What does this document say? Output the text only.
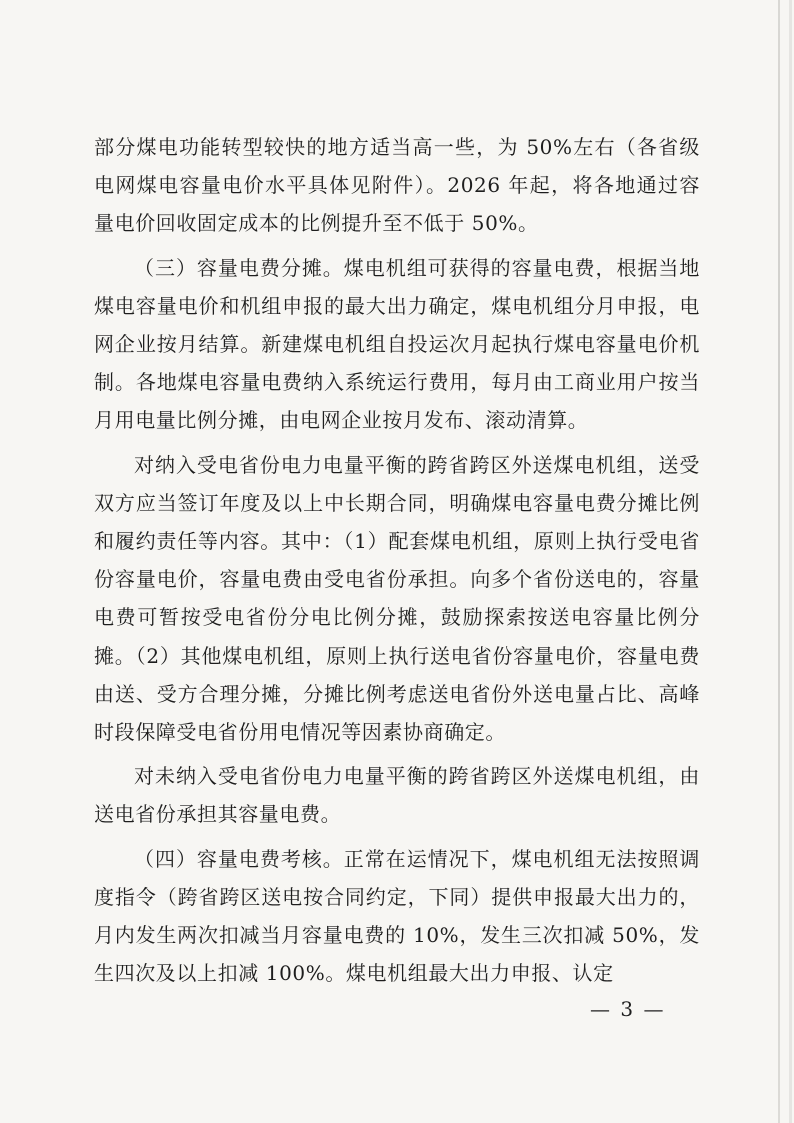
部分煤电功能转型较快的地方适当高一些，为 50%左右（各省级电网煤电容量电价水平具体见附件）。2026 年起，将各地通过容量电价回收固定成本的比例提升至不低于 50%。

（三）容量电费分摊。煤电机组可获得的容量电费，根据当地煤电容量电价和机组申报的最大出力确定，煤电机组分月申报，电网企业按月结算。新建煤电机组自投运次月起执行煤电容量电价机制。各地煤电容量电费纳入系统运行费用，每月由工商业用户按当月用电量比例分摊，由电网企业按月发布、滚动清算。

对纳入受电省份电力电量平衡的跨省跨区外送煤电机组，送受双方应当签订年度及以上中长期合同，明确煤电容量电费分摊比例和履约责任等内容。其中：（1）配套煤电机组，原则上执行受电省份容量电价，容量电费由受电省份承担。向多个省份送电的，容量电费可暂按受电省份分电比例分摊，鼓励探索按送电容量比例分摊。（2）其他煤电机组，原则上执行送电省份容量电价，容量电费由送、受方合理分摊，分摊比例考虑送电省份外送电量占比、高峰时段保障受电省份用电情况等因素协商确定。

对未纳入受电省份电力电量平衡的跨省跨区外送煤电机组，由送电省份承担其容量电费。

（四）容量电费考核。正常在运情况下，煤电机组无法按照调度指令（跨省跨区送电按合同约定，下同）提供申报最大出力的，月内发生两次扣减当月容量电费的 10%，发生三次扣减 50%，发生四次及以上扣减 100%。煤电机组最大出力申报、认定

— 3 —
